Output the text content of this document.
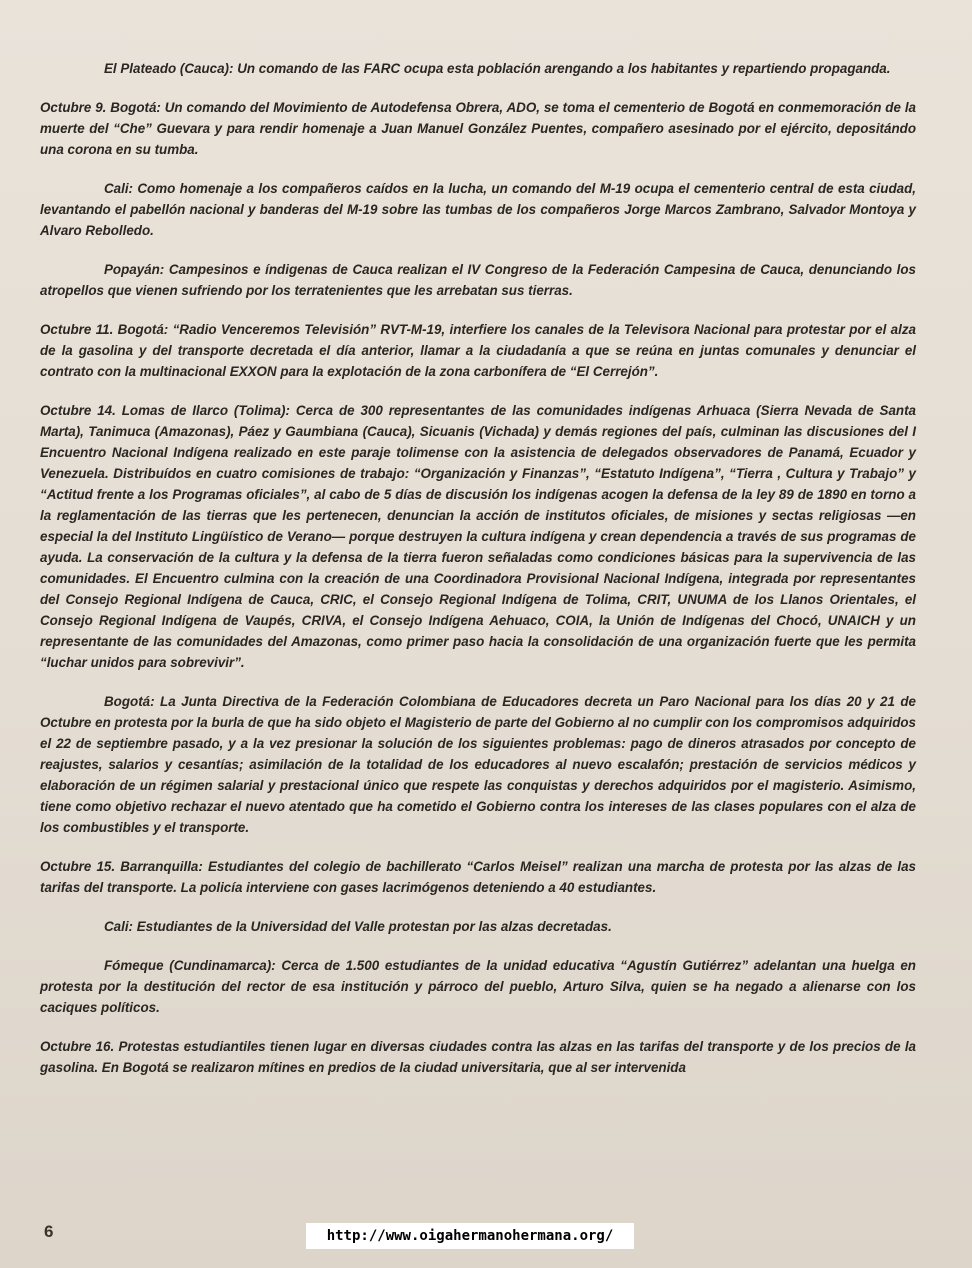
El Plateado (Cauca): Un comando de las FARC ocupa esta población arengando a los habitantes y repartiendo propaganda.

Octubre 9. Bogotá: Un comando del Movimiento de Autodefensa Obrera, ADO, se toma el cementerio de Bogotá en conmemoración de la muerte del “Che” Guevara y para rendir homenaje a Juan Manuel González Puentes, compañero asesinado por el ejército, depositándo una corona en su tumba.

Cali: Como homenaje a los compañeros caídos en la lucha, un comando del M-19 ocupa el cementerio central de esta ciudad, levantando el pabellón nacional y banderas del M-19 sobre las tumbas de los compañeros Jorge Marcos Zambrano, Salvador Montoya y Alvaro Rebolledo.

Popayán: Campesinos e índigenas de Cauca realizan el IV Congreso de la Federación Campesina de Cauca, denunciando los atropellos que vienen sufriendo por los terratenientes que les arrebatan sus tierras.

Octubre 11. Bogotá: “Radio Venceremos Televisión” RVT-M-19, interfiere los canales de la Televisora Nacional para protestar por el alza de la gasolina y del transporte decretada el día anterior, llamar a la ciudadanía a que se reúna en juntas comunales y denunciar el contrato con la multinacional EXXON para la explotación de la zona carbonífera de “El Cerrejón”.

Octubre 14. Lomas de Ilarco (Tolima): Cerca de 300 representantes de las comunidades indígenas Arhuaca (Sierra Nevada de Santa Marta), Tanimuca (Amazonas), Páez y Gaumbiana (Cauca), Sicuanis (Vichada) y demás regiones del país, culminan las discusiones del I Encuentro Nacional Indígena realizado en este paraje tolimense con la asistencia de delegados observadores de Panamá, Ecuador y Venezuela. Distribuídos en cuatro comisiones de trabajo: “Organización y Finanzas”, “Estatuto Indígena”, “Tierra , Cultura y Trabajo” y “Actitud frente a los Programas oficiales”, al cabo de 5 días de discusión los indígenas acogen la defensa de la ley 89 de 1890 en torno a la reglamentación de las tierras que les pertenecen, denuncian la acción de institutos oficiales, de misiones y sectas religiosas —en especial la del Instituto Lingüístico de Verano— porque destruyen la cultura indígena y crean dependencia a través de sus programas de ayuda. La conservación de la cultura y la defensa de la tierra fueron señaladas como condiciones básicas para la supervivencia de las comunidades. El Encuentro culmina con la creación de una Coordinadora Provisional Nacional Indígena, integrada por representantes del Consejo Regional Indígena de Cauca, CRIC, el Consejo Regional Indígena de Tolima, CRIT, UNUMA de los Llanos Orientales, el Consejo Regional Indígena de Vaupés, CRIVA, el Consejo Indígena Aehuaco, COIA, la Unión de Indígenas del Chocó, UNAICH y un representante de las comunidades del Amazonas, como primer paso hacia la consolidación de una organización fuerte que les permita “luchar unidos para sobrevivir”.

Bogotá: La Junta Directiva de la Federación Colombiana de Educadores decreta un Paro Nacional para los días 20 y 21 de Octubre en protesta por la burla de que ha sido objeto el Magisterio de parte del Gobierno al no cumplir con los compromisos adquiridos el 22 de septiembre pasado, y a la vez presionar la solución de los siguientes problemas: pago de dineros atrasados por concepto de reajustes, salarios y cesantías; asimilación de la totalidad de los educadores al nuevo escalafón; prestación de servicios médicos y elaboración de un régimen salarial y prestacional único que respete las conquistas y derechos adquiridos por el magisterio. Asimismo, tiene como objetivo rechazar el nuevo atentado que ha cometido el Gobierno contra los intereses de las clases populares con el alza de los combustibles y el transporte.

Octubre 15. Barranquilla: Estudiantes del colegio de bachillerato “Carlos Meisel” realizan una marcha de protesta por las alzas de las tarifas del transporte. La policía interviene con gases lacrimógenos deteniendo a 40 estudiantes.

Cali: Estudiantes de la Universidad del Valle protestan por las alzas decretadas.

Fómeque (Cundinamarca): Cerca de 1.500 estudiantes de la unidad educativa “Agustín Gutiérrez” adelantan una huelga en protesta por la destitución del rector de esa institución y párroco del pueblo, Arturo Silva, quien se ha negado a alienarse con los caciques políticos.

Octubre 16. Protestas estudiantiles tienen lugar en diversas ciudades contra las alzas en las tarifas del transporte y de los precios de la gasolina. En Bogotá se realizaron mítines en predios de la ciudad universitaria, que al ser intervenida

6	http://www.oigahermanohermana.org/
